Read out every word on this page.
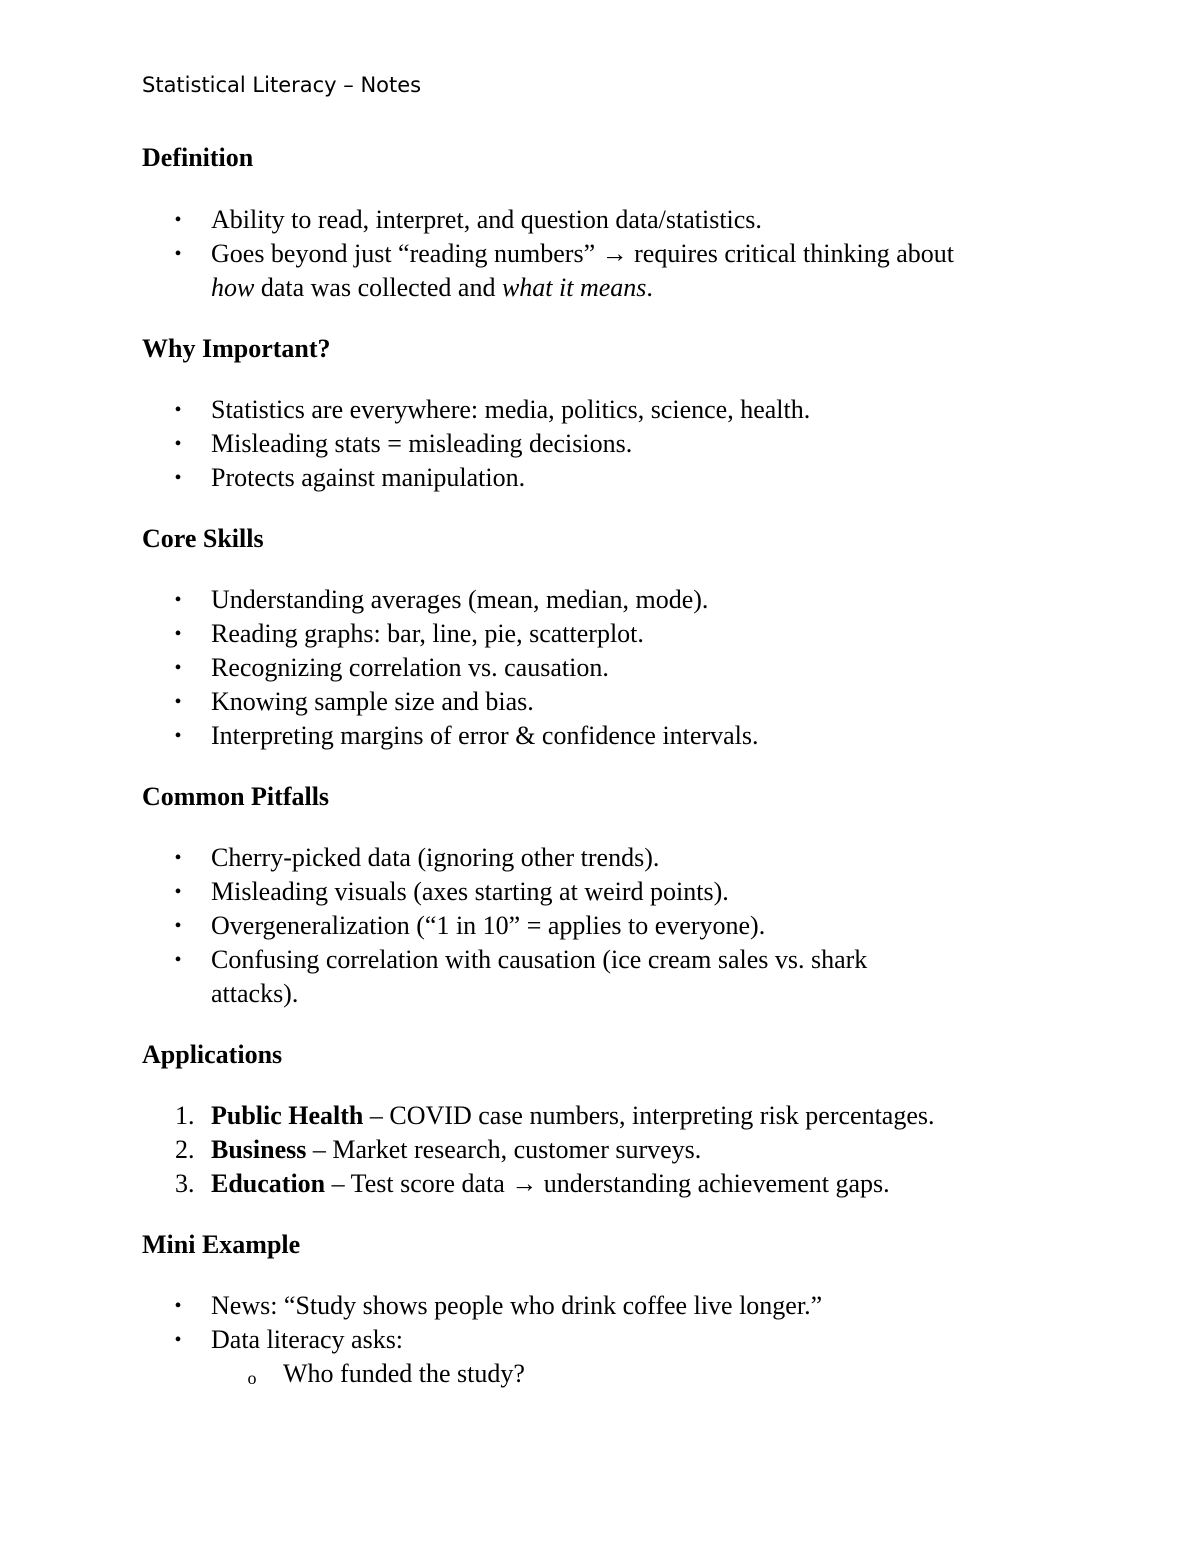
Statistical Literacy – Notes
Definition
• Ability to read, interpret, and question data/statistics.
• Goes beyond just “reading numbers” → requires critical thinking about
how data was collected and what it means.
Why Important?
• Statistics are everywhere: media, politics, science, health.
• Misleading stats = misleading decisions.
• Protects against manipulation.
Core Skills
• Understanding averages (mean, median, mode).
• Reading graphs: bar, line, pie, scatterplot.
• Recognizing correlation vs. causation.
• Knowing sample size and bias.
• Interpreting margins of error & confidence intervals.
Common Pitfalls
• Cherry-picked data (ignoring other trends).
• Misleading visuals (axes starting at weird points).
• Overgeneralization (“1 in 10” = applies to everyone).
• Confusing correlation with causation (ice cream sales vs. shark
attacks).
Applications
1. Public Health – COVID case numbers, interpreting risk percentages.
2. Business – Market research, customer surveys.
3. Education – Test score data → understanding achievement gaps.
Mini Example
• News: “Study shows people who drink coffee live longer.”
• Data literacy asks:
o Who funded the study?
